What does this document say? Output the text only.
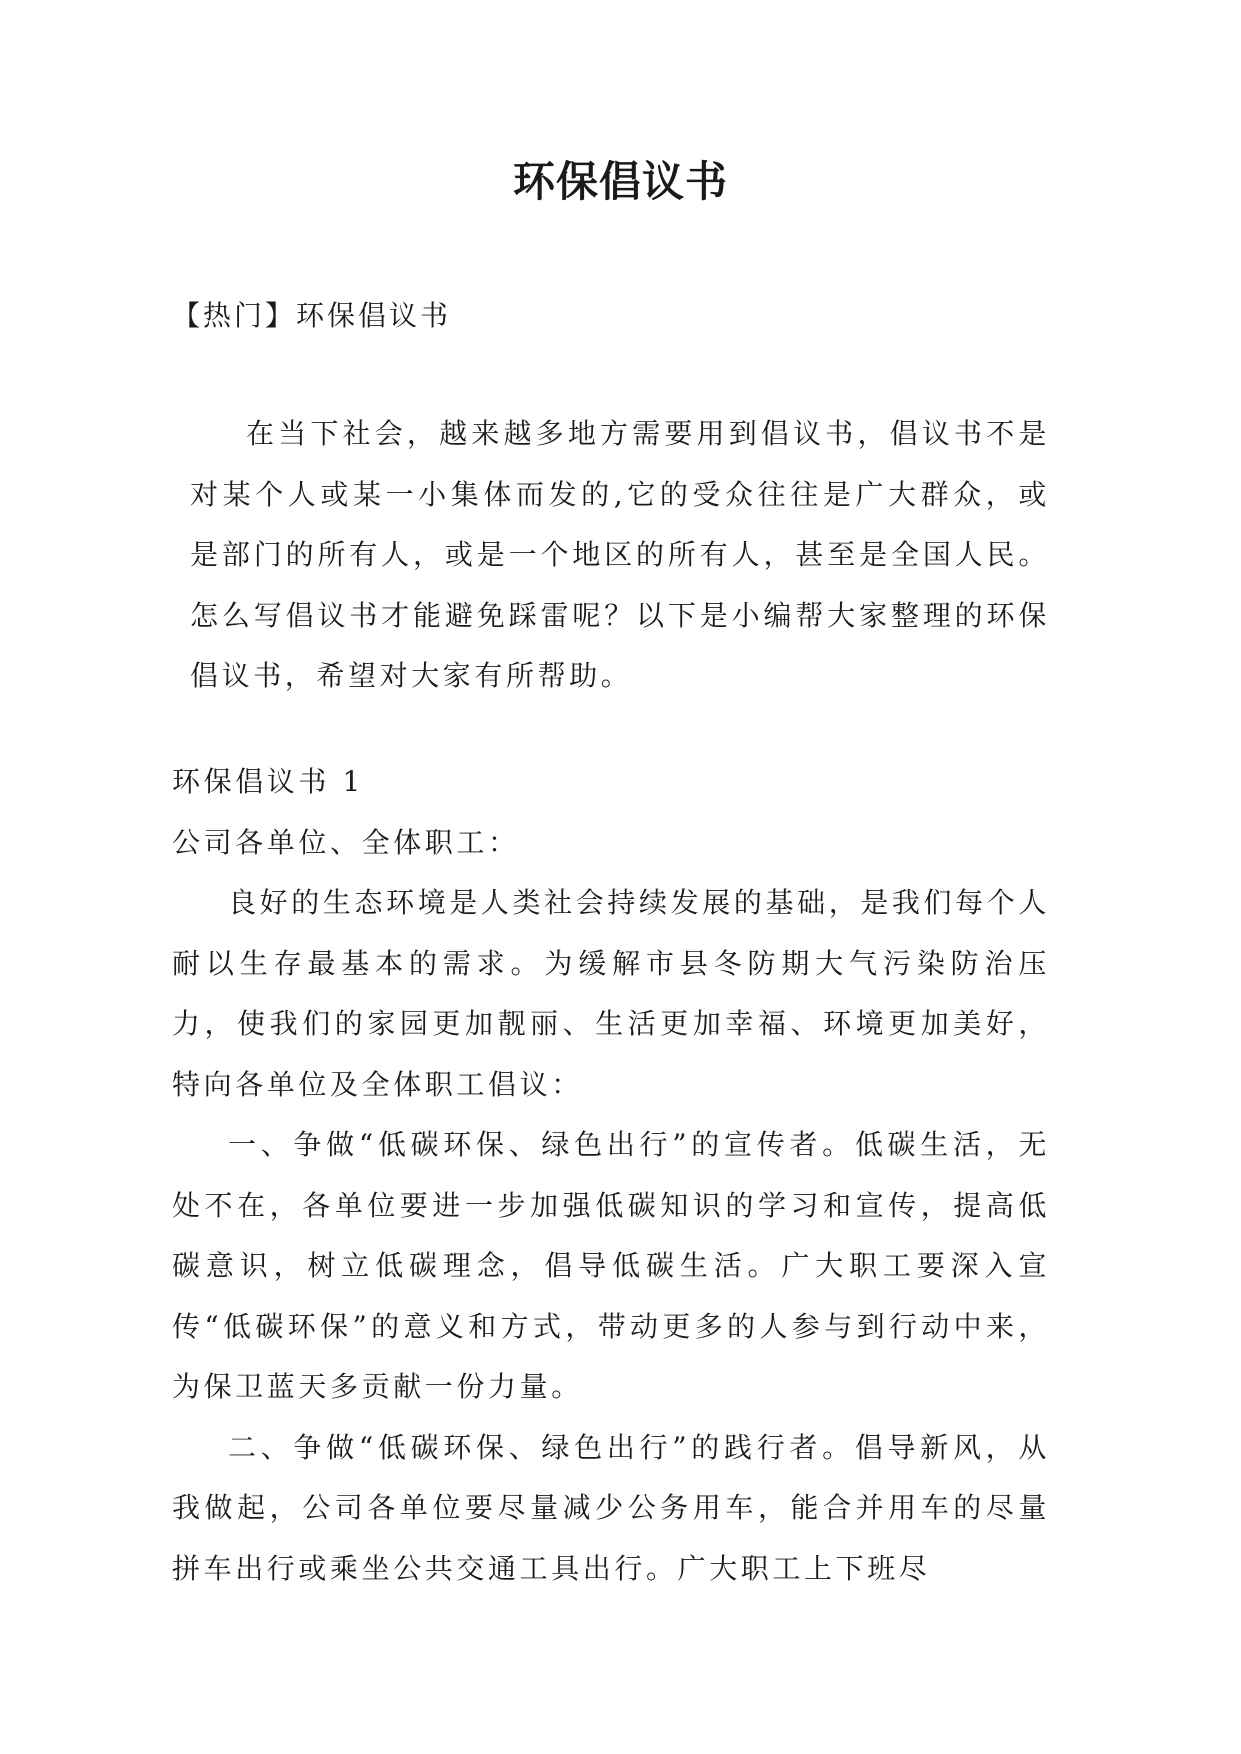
环保倡议书
【热门】环保倡议书

在当下社会，越来越多地方需要用到倡议书，倡议书不是对某个人或某一小集体而发的,它的受众往往是广大群众，或是部门的所有人，或是一个地区的所有人，甚至是全国人民。怎么写倡议书才能避免踩雷呢？以下是小编帮大家整理的环保倡议书，希望对大家有所帮助。

环保倡议书 1

公司各单位、全体职工：

良好的生态环境是人类社会持续发展的基础，是我们每个人耐以生存最基本的需求。为缓解市县冬防期大气污染防治压力，使我们的家园更加靓丽、生活更加幸福、环境更加美好，特向各单位及全体职工倡议：

一、争做“低碳环保、绿色出行”的宣传者。低碳生活，无处不在，各单位要进一步加强低碳知识的学习和宣传，提高低碳意识，树立低碳理念，倡导低碳生活。广大职工要深入宣传“低碳环保”的意义和方式，带动更多的人参与到行动中来，为保卫蓝天多贡献一份力量。

二、争做“低碳环保、绿色出行”的践行者。倡导新风，从我做起，公司各单位要尽量减少公务用车，能合并用车的尽量拼车出行或乘坐公共交通工具出行。广大职工上下班尽
